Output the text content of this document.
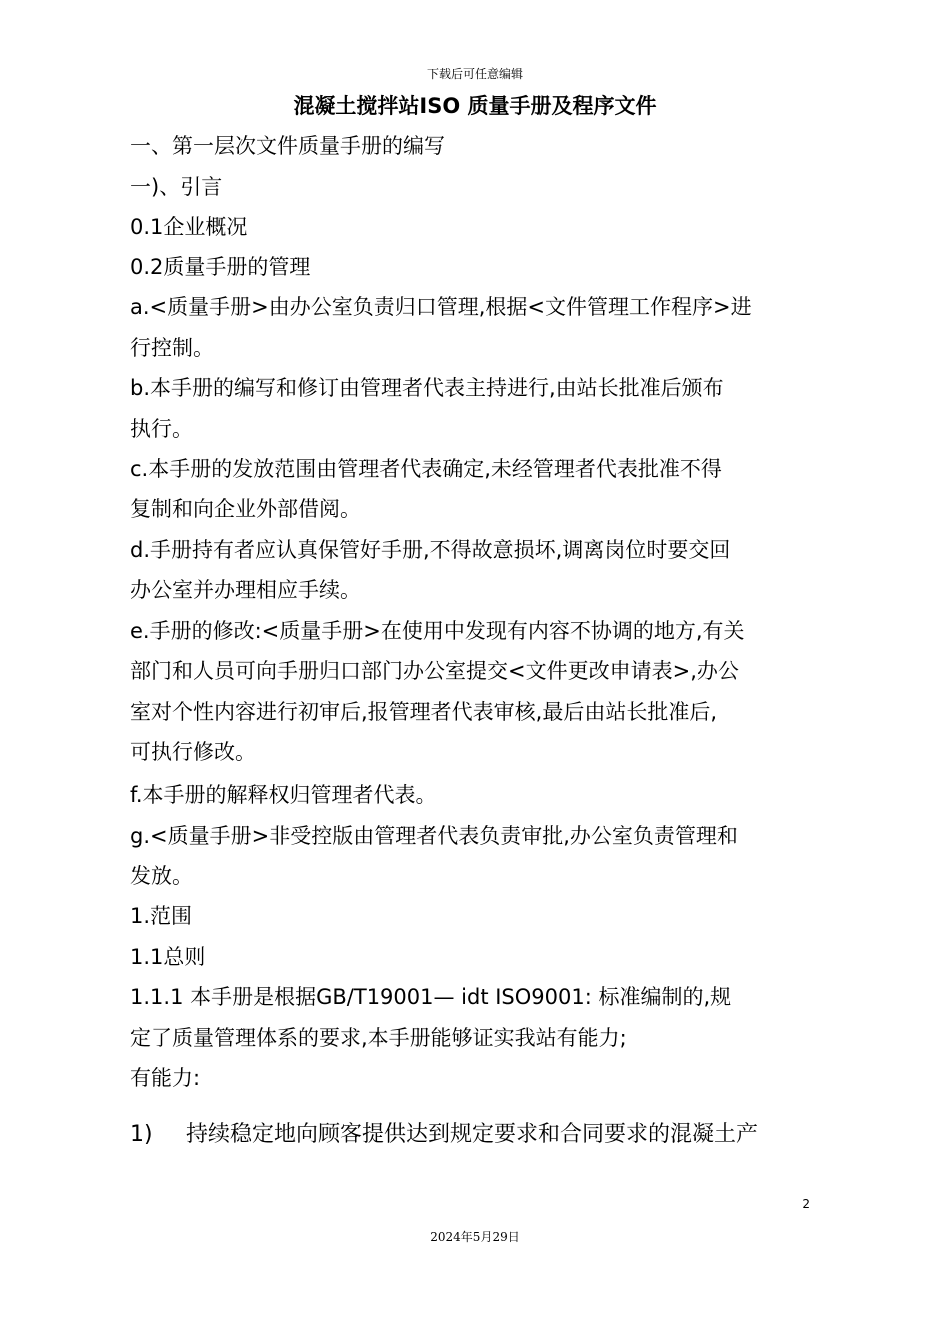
下载后可任意编辑
混凝土搅拌站ISO 质量手册及程序文件
一、第一层次文件质量手册的编写
一)、引言
0.1企业概况
0.2质量手册的管理
a.<质量手册>由办公室负责归口管理,根据<文件管理工作程序>进
行控制。
b.本手册的编写和修订由管理者代表主持进行,由站长批准后颁布
执行。
c.本手册的发放范围由管理者代表确定,未经管理者代表批准不得
复制和向企业外部借阅。
d.手册持有者应认真保管好手册,不得故意损坏,调离岗位时要交回
办公室并办理相应手续。
e.手册的修改:<质量手册>在使用中发现有内容不协调的地方,有关
部门和人员可向手册归口部门办公室提交<文件更改申请表>,办公
室对个性内容进行初审后,报管理者代表审核,最后由站长批准后,
可执行修改。
f.本手册的解释权归管理者代表。
g.<质量手册>非受控版由管理者代表负责审批,办公室负责管理和
发放。
1.范围
1.1总则
1.1.1 本手册是根据GB/T19001— idt ISO9001: 标准编制的,规
定了质量管理体系的要求,本手册能够证实我站有能力;
有能力:
1) 持续稳定地向顾客提供达到规定要求和合同要求的混凝土产
2
2024年5月29日
